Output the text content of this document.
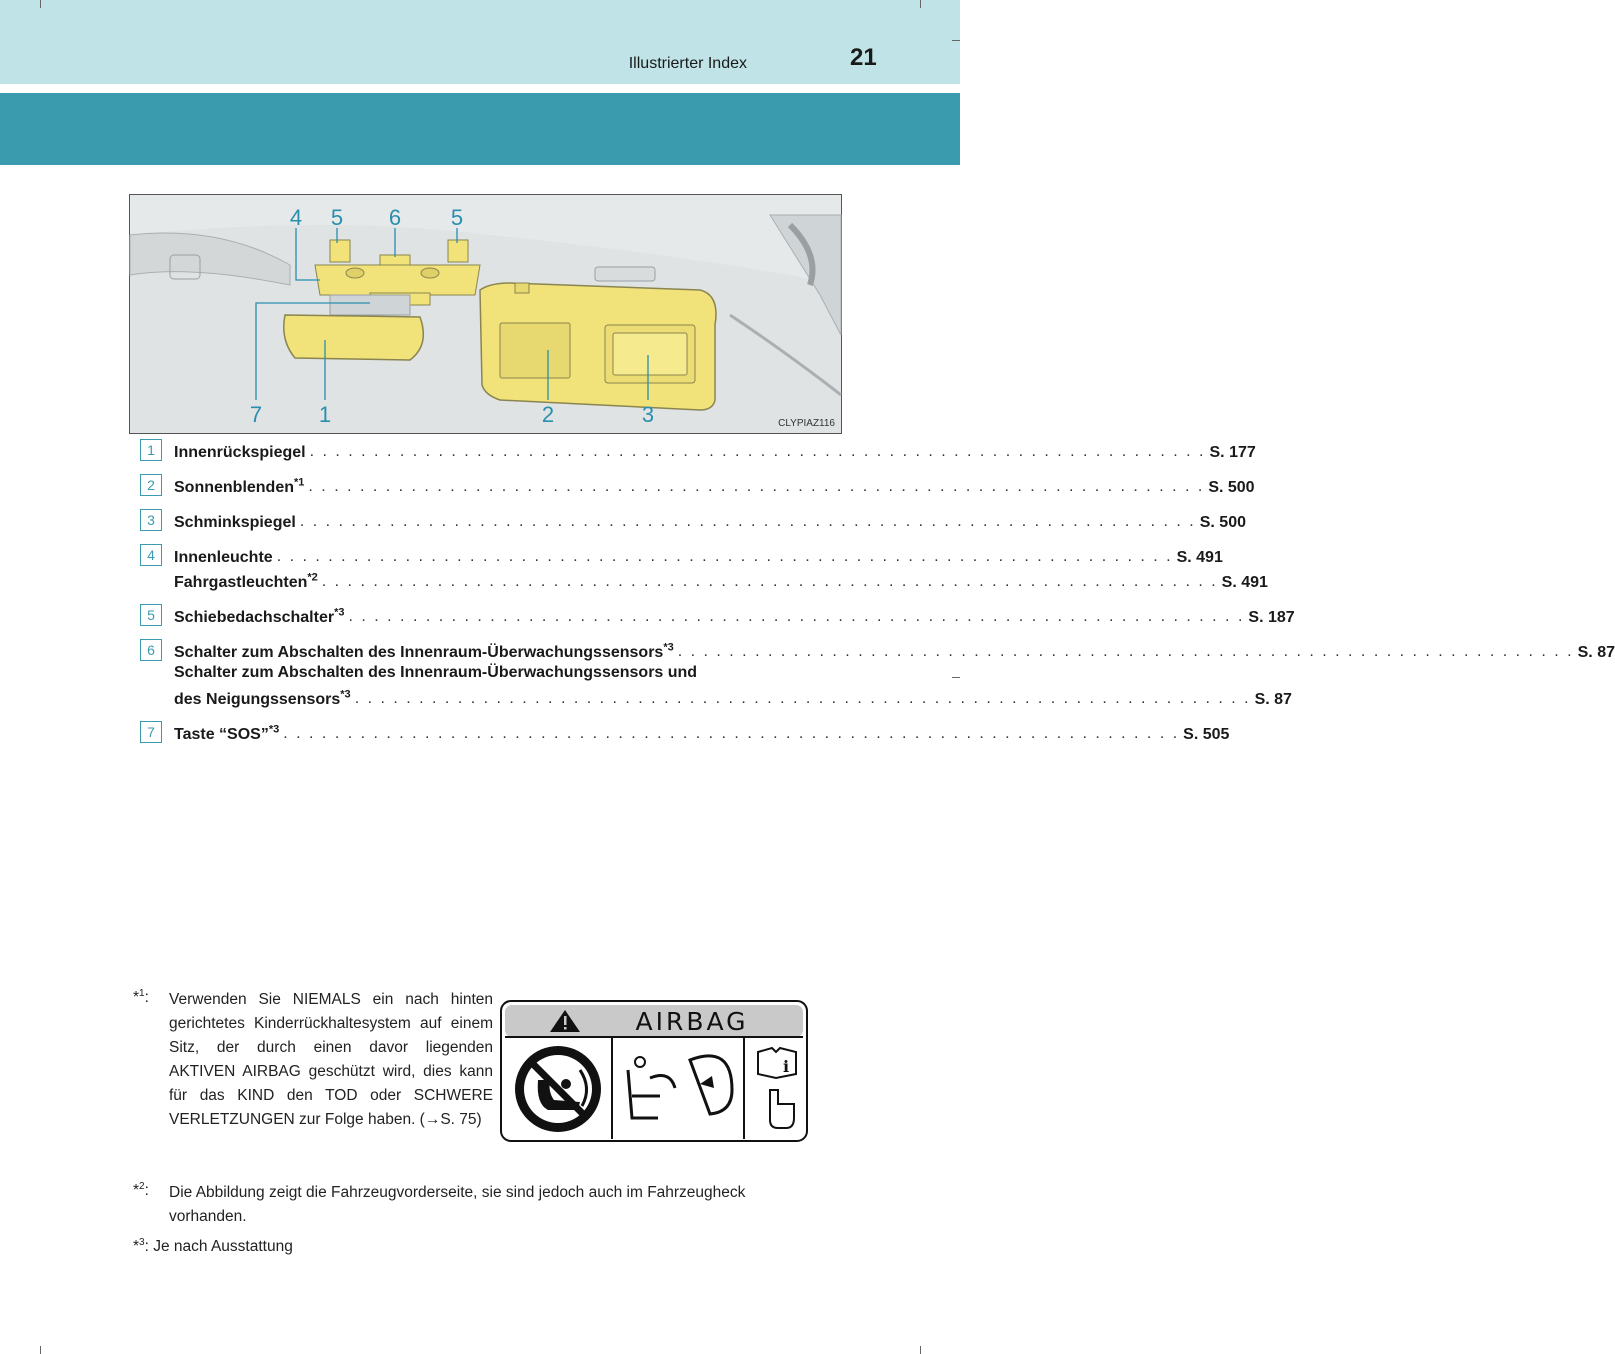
Illustrierter Index	21
4 5 6 5
7	1	2	3	CLYPIAZ116
1	Innenrückspiegel . . . . . . . . . . . . . . . . . . . . . . . . . . . . . . . . . . . . . . . . . . . . . . . . . . . . . . . . . . . . . . . . . . . . . . S. 177
2	Sonnenblenden$^{*1}$ . . . . . . . . . . . . . . . . . . . . . . . . . . . . . . . . . . . . . . . . . . . . . . . . . . . . . . . . . . . . . . . . . . . . . . S. 500
3	Schminkspiegel . . . . . . . . . . . . . . . . . . . . . . . . . . . . . . . . . . . . . . . . . . . . . . . . . . . . . . . . . . . . . . . . . . . . . . S. 500
4	Innenleuchte . . . . . . . . . . . . . . . . . . . . . . . . . . . . . . . . . . . . . . . . . . . . . . . . . . . . . . . . . . . . . . . . . . . . . . S. 491
Fahrgastleuchten$^{*2}$ . . . . . . . . . . . . . . . . . . . . . . . . . . . . . . . . . . . . . . . . . . . . . . . . . . . . . . . . . . . . . . . . . . . . . . S. 491
5	Schiebedachschalter$^{*3}$ . . . . . . . . . . . . . . . . . . . . . . . . . . . . . . . . . . . . . . . . . . . . . . . . . . . . . . . . . . . . . . . . . . . . . . S. 187
6	Schalter zum Abschalten des Innenraum-Überwachungssensors$^{*3}$ . . . . . . . . . . . . . . . . . . . . . . . . . . . . . . . . . . . . . . . . . . . . . . . . . . . . . . . . . . . . . . . . . . . . . . S. 87
Schalter zum Abschalten des Innenraum-Überwachungssensors und
des Neigungssensors$^{*3}$ . . . . . . . . . . . . . . . . . . . . . . . . . . . . . . . . . . . . . . . . . . . . . . . . . . . . . . . . . . . . . . . . . . . . . . S. 87
7	Taste “SOS”$^{*3}$ . . . . . . . . . . . . . . . . . . . . . . . . . . . . . . . . . . . . . . . . . . . . . . . . . . . . . . . . . . . . . . . . . . . . . . S. 505
*$^1$: Verwenden Sie NIEMALS ein nach hinten gerichtetes Kinderrückhaltesystem auf einem Sitz, der durch einen davor liegenden AKTIVEN AIRBAG geschützt wird, dies kann für das KIND den TOD oder SCHWERE VERLETZUNGEN zur Folge haben. (→S. 75)
*$^2$: Die Abbildung zeigt die Fahrzeugvorderseite, sie sind jedoch auch im Fahrzeugheck vorhanden.
*$^3$: Je nach Ausstattung
AIRBAG
i
